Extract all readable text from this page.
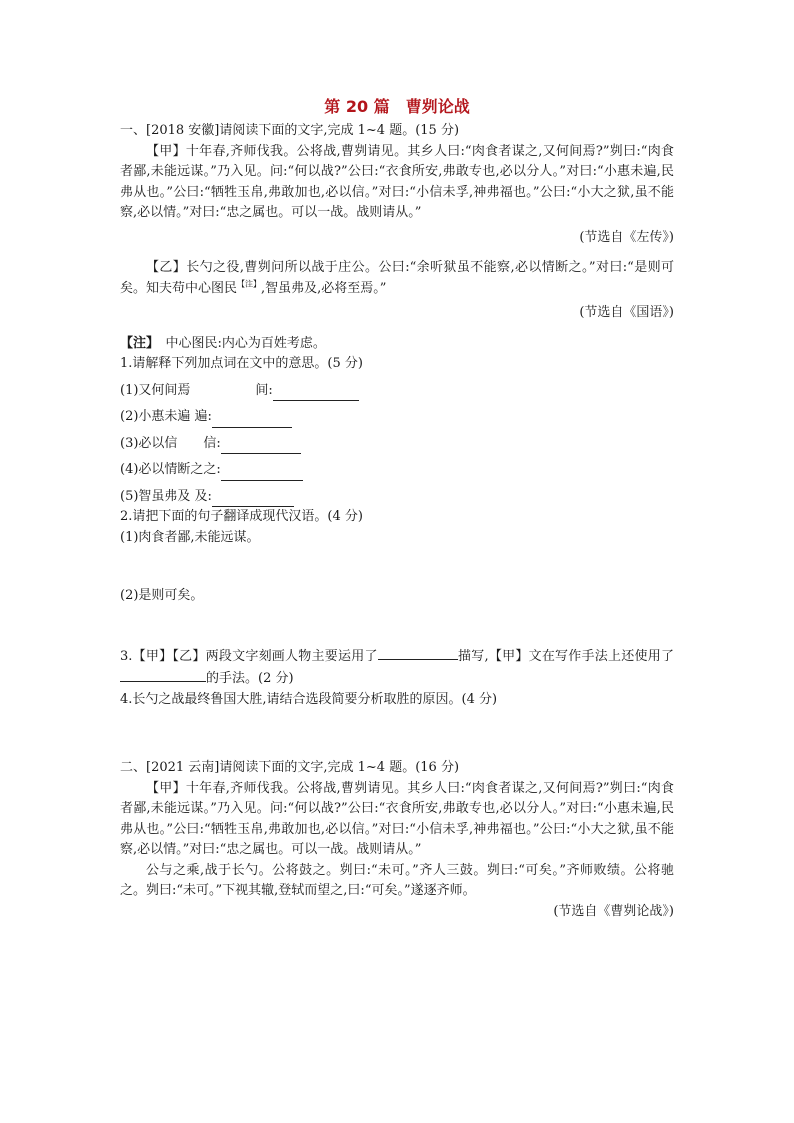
第 20 篇　曹刿论战

一、[2018 安徽]请阅读下面的文字,完成 1~4 题。(15 分)

【甲】十年春,齐师伐我。公将战,曹刿请见。其乡人曰:“肉食者谋之,又何间焉?”刿曰:“肉食者鄙,未能远谋。”乃入见。问:“何以战?”公曰:“衣食所安,弗敢专也,必以分人。”对曰:“小惠未遍,民弗从也。”公曰:“牺牲玉帛,弗敢加也,必以信。”对曰:“小信未孚,神弗福也。”公曰:“小大之狱,虽不能察,必以情。”对曰:“忠之属也。可以一战。战则请从。”

(节选自《左传》)

【乙】长勺之役,曹刿问所以战于庄公。公曰:“余听狱虽不能察,必以情断之。”对曰:“是则可矣。知夫苟中心图民$^{【注】}$,智虽弗及,必将至焉。”

(节选自《国语》)

【注】　中心图民:内心为百姓考虑。

1.请解释下列加点词在文中的意思。(5 分)

(1)又何间焉　　　　　间:
(2)小惠未遍 遍:
(3)必以信　　信:
(4)必以情断之之:
(5)智虽弗及 及:

2.请把下面的句子翻译成现代汉语。(4 分)

(1)肉食者鄙,未能远谋。

(2)是则可矣。

3.【甲】【乙】两段文字刻画人物主要运用了	描写,【甲】文在写作手法上还使用了的手法。(2 分)

4.长勺之战最终鲁国大胜,请结合选段简要分析取胜的原因。(4 分)

二、[2021 云南]请阅读下面的文字,完成 1~4 题。(16 分)

【甲】十年春,齐师伐我。公将战,曹刿请见。其乡人曰:“肉食者谋之,又何间焉?”刿曰:“肉食者鄙,未能远谋。”乃入见。问:“何以战?”公曰:“衣食所安,弗敢专也,必以分人。”对曰:“小惠未遍,民弗从也。”公曰:“牺牲玉帛,弗敢加也,必以信。”对曰:“小信未孚,神弗福也。”公曰:“小大之狱,虽不能察,必以情。”对曰:“忠之属也。可以一战。战则请从。”

公与之乘,战于长勺。公将鼓之。刿曰:“未可。”齐人三鼓。刿曰:“可矣。”齐师败绩。公将驰之。刿曰:“未可。”下视其辙,登轼而望之,曰:“可矣。”遂逐齐师。

(节选自《曹刿论战》)
